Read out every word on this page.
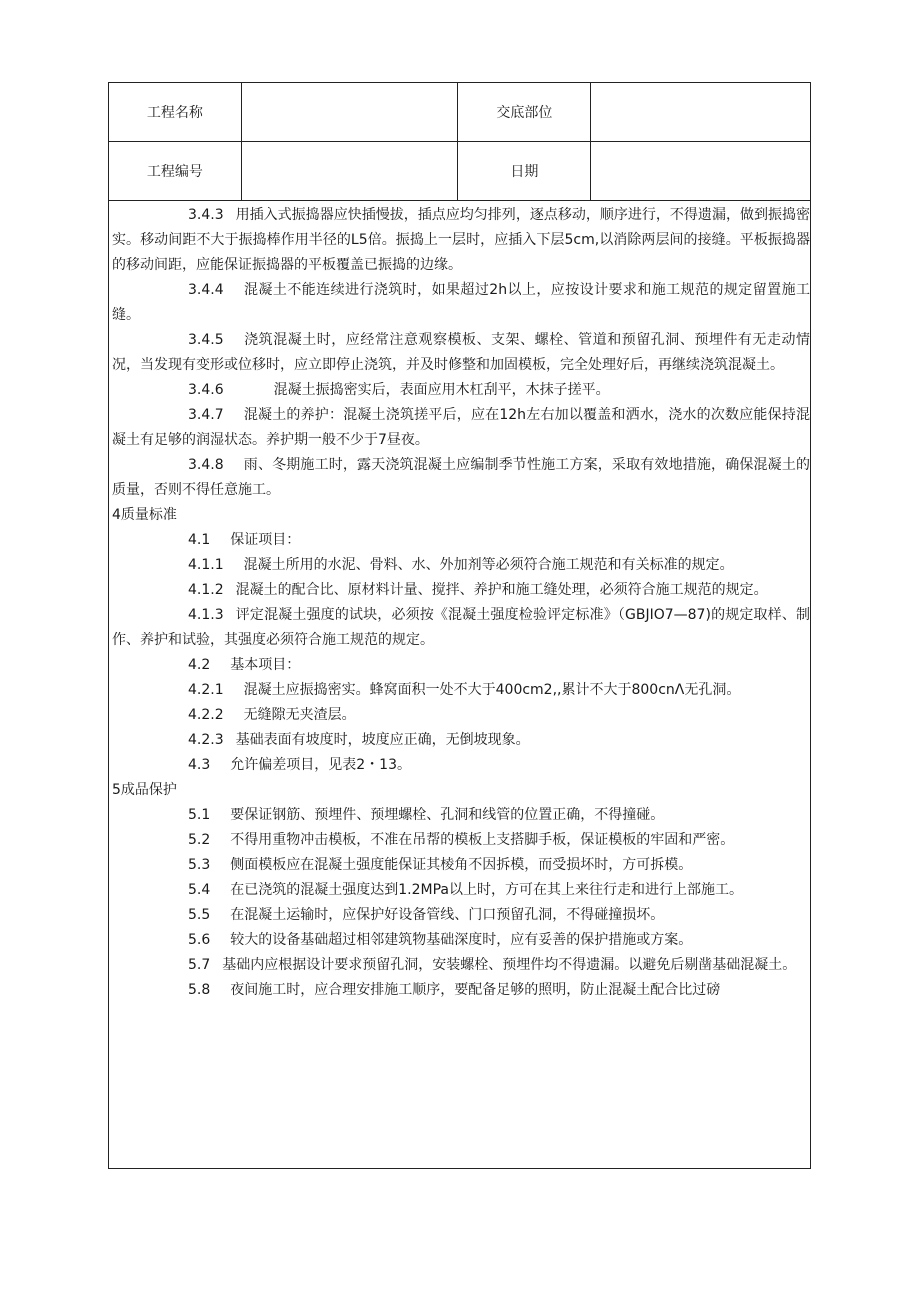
工程名称		交底部位	
工程编号		日期	

3.4.3 用插入式振捣器应快插慢拔，插点应均匀排列，逐点移动，顺序进行，不得遗漏，做到振捣密实。移动间距不大于振捣棒作用半径的L5倍。振捣上一层时，应插入下层5cm,以消除两层间的接缝。平板振捣器的移动间距，应能保证振捣器的平板覆盖已振捣的边缘。

3.4.4 混凝土不能连续进行浇筑时，如果超过2h以上，应按设计要求和施工规范的规定留置施工缝。

3.4.5 浇筑混凝土时，应经常注意观察模板、支架、螺栓、管道和预留孔洞、预埋件有无走动情况，当发现有变形或位移时，应立即停止浇筑，并及时修整和加固模板，完全处理好后，再继续浇筑混凝土。

3.4.6	混凝土振捣密实后，表面应用木杠刮平，木抹子搓平。

3.4.7 混凝土的养护：混凝土浇筑搓平后，应在12h左右加以覆盖和洒水，浇水的次数应能保持混凝土有足够的润湿状态。养护期一般不少于7昼夜。

3.4.8 雨、冬期施工时，露天浇筑混凝土应编制季节性施工方案，采取有效地措施，确保混凝土的质量，否则不得任意施工。

4质量标准

4.1 保证项目：

4.1.1 混凝土所用的水泥、骨料、水、外加剂等必须符合施工规范和有关标准的规定。

4.1.2 混凝土的配合比、原材料计量、搅拌、养护和施工缝处理，必须符合施工规范的规定。

4.1.3 评定混凝土强度的试块，必须按《混凝土强度检验评定标准》（GBJIO7—87)的规定取样、制作、养护和试验，其强度必须符合施工规范的规定。

4.2 基本项目：

4.2.1 混凝土应振捣密实。蜂窝面积一处不大于400cm2,,累计不大于800cnΛ无孔洞。

4.2.2 无缝隙无夹渣层。

4.2.3 基础表面有坡度时，坡度应正确，无倒坡现象。

4.3 允许偏差项目，见表2・13。

5成品保护

5.1 要保证钢筋、预埋件、预埋螺栓、孔洞和线管的位置正确，不得撞碰。

5.2 不得用重物冲击模板，不准在吊帮的模板上支搭脚手板，保证模板的牢固和严密。

5.3 侧面模板应在混凝土强度能保证其棱角不因拆模，而受损坏时，方可拆模。

5.4 在已浇筑的混凝土强度达到1.2MPa以上时，方可在其上来往行走和进行上部施工。

5.5 在混凝土运输时，应保护好设备管线、门口预留孔洞，不得碰撞损坏。

5.6 较大的设备基础超过相邻建筑物基础深度时，应有妥善的保护措施或方案。

5.7 基础内应根据设计要求预留孔洞，安装螺栓、预埋件均不得遗漏。以避免后剔凿基础混凝土。

5.8 夜间施工时，应合理安排施工顺序，要配备足够的照明，防止混凝土配合比过磅
